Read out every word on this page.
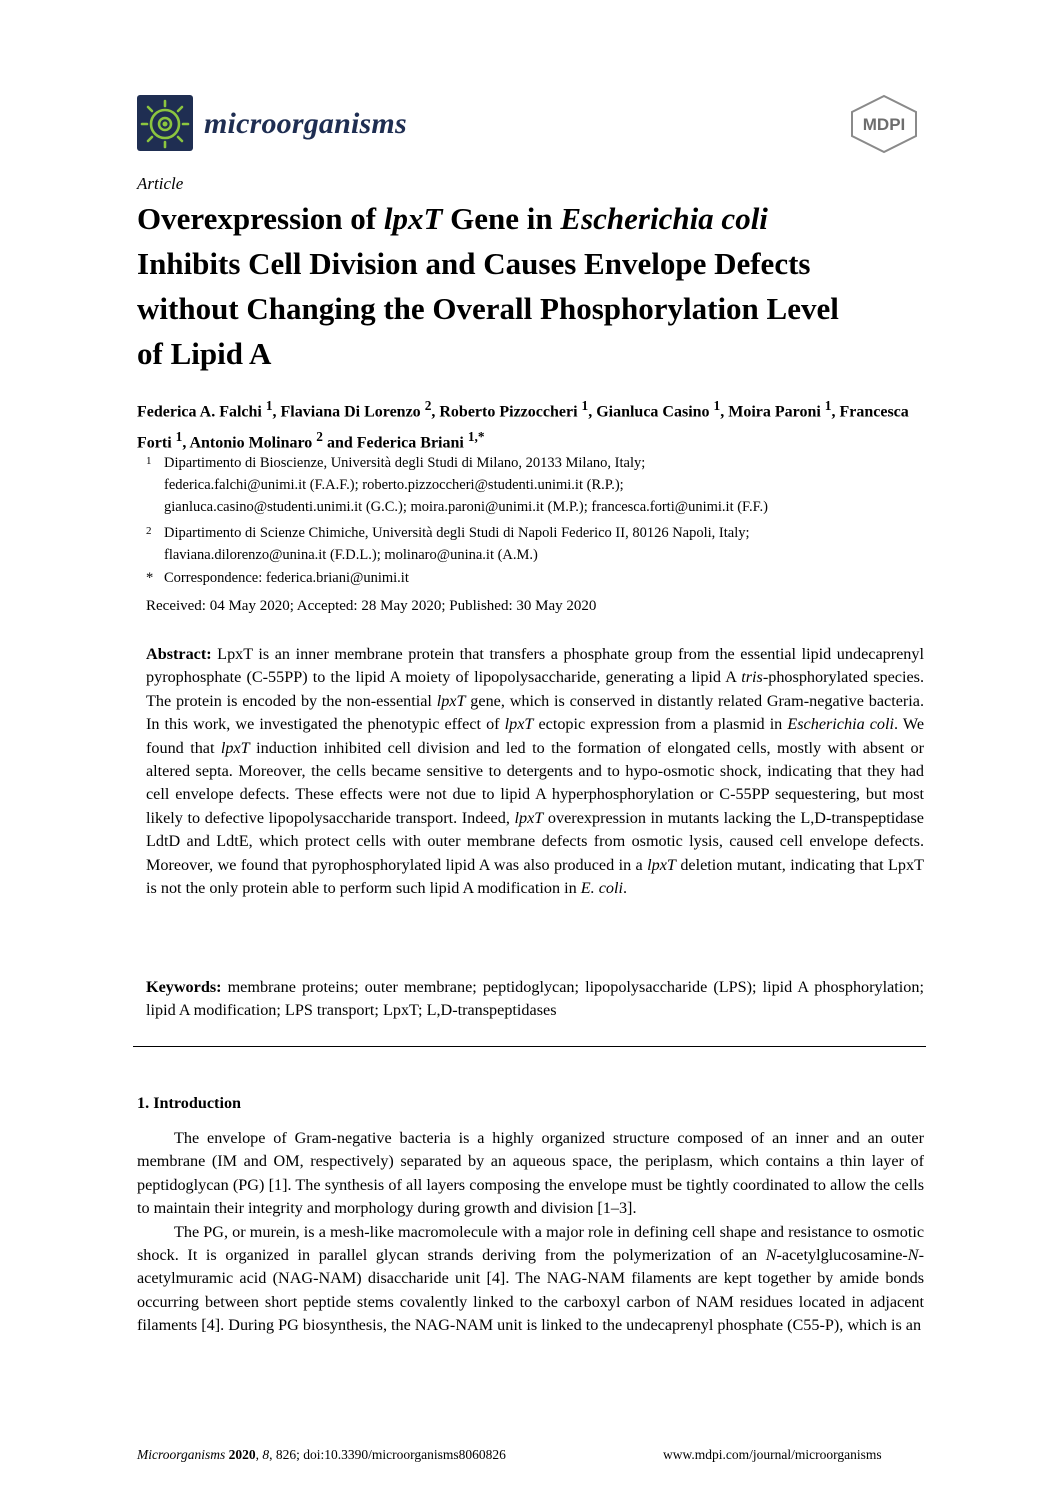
microorganisms	MDPI
Article
Overexpression of lpxT Gene in Escherichia coli
Inhibits Cell Division and Causes Envelope Defects
without Changing the Overall Phosphorylation Level
of Lipid A
Federica A. Falchi $^1$, Flaviana Di Lorenzo $^2$, Roberto Pizzoccheri $^1$, Gianluca Casino $^1$, Moira Paroni $^1$, Francesca Forti $^1$, Antonio Molinaro $^2$ and Federica Briani $^{1,*}$
1 Dipartimento di Bioscienze, Università degli Studi di Milano, 20133 Milano, Italy;
federica.falchi@unimi.it (F.A.F.); roberto.pizzoccheri@studenti.unimi.it (R.P.);
gianluca.casino@studenti.unimi.it (G.C.); moira.paroni@unimi.it (M.P.); francesca.forti@unimi.it (F.F.)
2 Dipartimento di Scienze Chimiche, Università degli Studi di Napoli Federico II, 80126 Napoli, Italy;
flaviana.dilorenzo@unina.it (F.D.L.); molinaro@unina.it (A.M.)
* Correspondence: federica.briani@unimi.it
Received: 04 May 2020; Accepted: 28 May 2020; Published: 30 May 2020
Abstract: LpxT is an inner membrane protein that transfers a phosphate group from the essential lipid undecaprenyl pyrophosphate (C-55PP) to the lipid A moiety of lipopolysaccharide, generating a lipid A tris-phosphorylated species. The protein is encoded by the non-essential lpxT gene, which is conserved in distantly related Gram-negative bacteria. In this work, we investigated the phenotypic effect of lpxT ectopic expression from a plasmid in Escherichia coli. We found that lpxT induction inhibited cell division and led to the formation of elongated cells, mostly with absent or altered septa. Moreover, the cells became sensitive to detergents and to hypo-osmotic shock, indicating that they had cell envelope defects. These effects were not due to lipid A hyperphosphorylation or C-55PP sequestering, but most likely to defective lipopolysaccharide transport. Indeed, lpxT overexpression in mutants lacking the L,D-transpeptidase LdtD and LdtE, which protect cells with outer membrane defects from osmotic lysis, caused cell envelope defects. Moreover, we found that pyrophosphorylated lipid A was also produced in a lpxT deletion mutant, indicating that LpxT is not the only protein able to perform such lipid A modification in E. coli.
Keywords: membrane proteins; outer membrane; peptidoglycan; lipopolysaccharide (LPS); lipid A phosphorylation; lipid A modification; LPS transport; LpxT; L,D-transpeptidases
1. Introduction

The envelope of Gram-negative bacteria is a highly organized structure composed of an inner and an outer membrane (IM and OM, respectively) separated by an aqueous space, the periplasm, which contains a thin layer of peptidoglycan (PG) [1]. The synthesis of all layers composing the envelope must be tightly coordinated to allow the cells to maintain their integrity and morphology during growth and division [1–3].

The PG, or murein, is a mesh-like macromolecule with a major role in defining cell shape and resistance to osmotic shock. It is organized in parallel glycan strands deriving from the polymerization of an N-acetylglucosamine-N-acetylmuramic acid (NAG-NAM) disaccharide unit [4]. The NAG-NAM filaments are kept together by amide bonds occurring between short peptide stems covalently linked to the carboxyl carbon of NAM residues located in adjacent filaments [4]. During PG biosynthesis, the NAG-NAM unit is linked to the undecaprenyl phosphate (C55-P), which is an

Microorganisms 2020, 8, 826; doi:10.3390/microorganisms8060826	www.mdpi.com/journal/microorganisms
